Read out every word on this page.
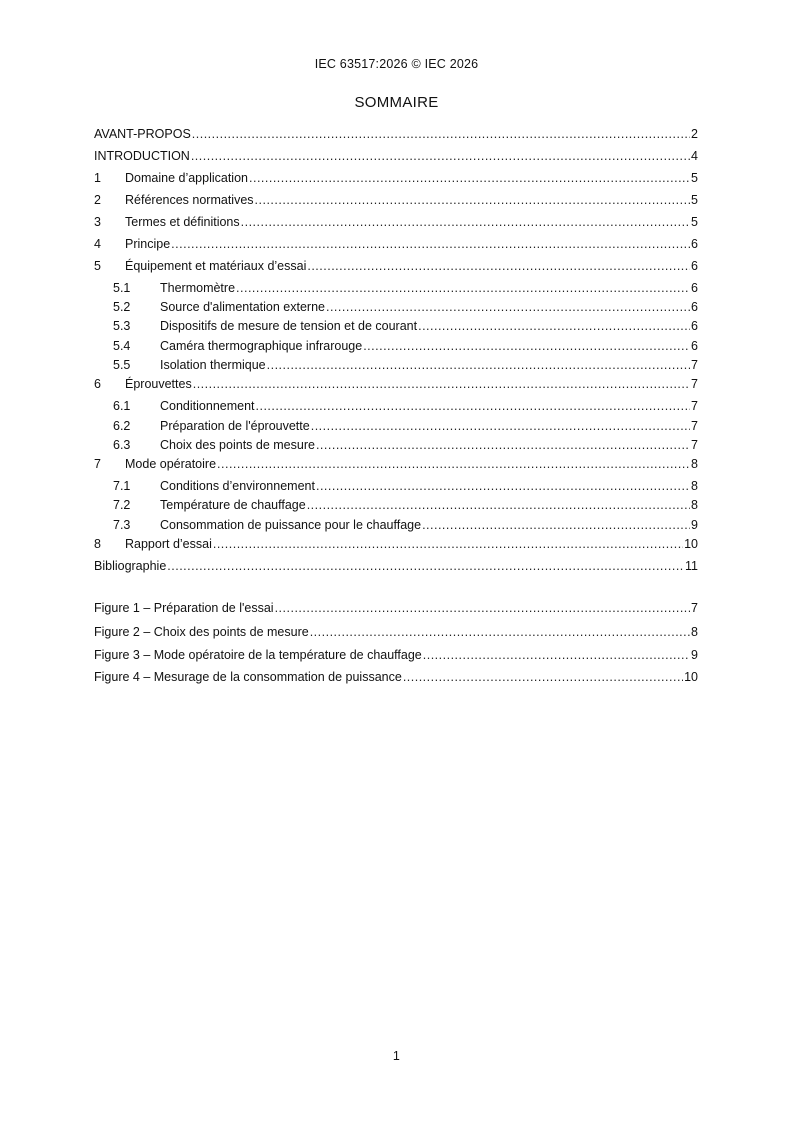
IEC 63517:2026 © IEC 2026
SOMMAIRE
AVANT-PROPOS .....	2
INTRODUCTION .....	4
1	Domaine d’application .....	5
2	Références normatives .....	5
3	Termes et définitions .....	5
4	Principe .....	6
5	Équipement et matériaux d’essai .....	6
5.1	Thermomètre .....	6
5.2	Source d'alimentation externe .....	6
5.3	Dispositifs de mesure de tension et de courant .....	6
5.4	Caméra thermographique infrarouge .....	6
5.5	Isolation thermique .....	7
6	Éprouvettes .....	7
6.1	Conditionnement .....	7
6.2	Préparation de l'éprouvette .....	7
6.3	Choix des points de mesure .....	7
7	Mode opératoire .....	8
7.1	Conditions d’environnement .....	8
7.2	Température de chauffage .....	8
7.3	Consommation de puissance pour le chauffage .....	9
8	Rapport d’essai .....	10
Bibliographie .....	11
Figure 1 – Préparation de l'essai .....	7
Figure 2 – Choix des points de mesure .....	8
Figure 3 – Mode opératoire de la température de chauffage .....	9
Figure 4 – Mesurage de la consommation de puissance .....	10
1
